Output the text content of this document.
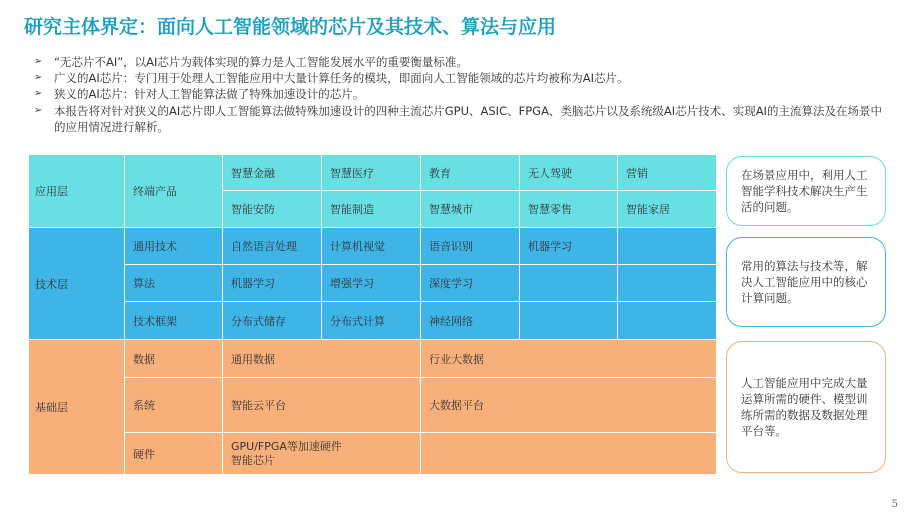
研究主体界定：面向人工智能领域的芯片及其技术、算法与应用
➢ “无芯片不AI”，以AI芯片为载体实现的算力是人工智能发展水平的重要衡量标准。
➢ 广义的AI芯片：专门用于处理人工智能应用中大量计算任务的模块，即面向人工智能领域的芯片均被称为AI芯片。
➢ 狭义的AI芯片：针对人工智能算法做了特殊加速设计的芯片。
➢ 本报告将对针对狭义的AI芯片即人工智能算法做特殊加速设计的四种主流芯片GPU、ASIC、FPGA、类脑芯片以及系统级AI芯片技术、实现AI的主流算法及在场景中的应用情况进行解析。
应用层	终端产品	智慧金融	智慧医疗	教育	无人驾驶	营销
		智能安防	智能制造	智慧城市	智慧零售	智能家居
技术层	通用技术	自然语言处理	计算机视觉	语音识别	机器学习	
	算法	机器学习	增强学习	深度学习		
	技术框架	分布式储存	分布式计算	神经网络		
基础层	数据	通用数据		行业大数据		
	系统	智能云平台		大数据平台		
	硬件	GPU/FPGA等加速硬件
智能芯片				
在场景应用中，利用人工智能学科技术解决生产生活的问题。
常用的算法与技术等，解决人工智能应用中的核心计算问题。
人工智能应用中完成大量运算所需的硬件、模型训练所需的数据及数据处理平台等。
5
